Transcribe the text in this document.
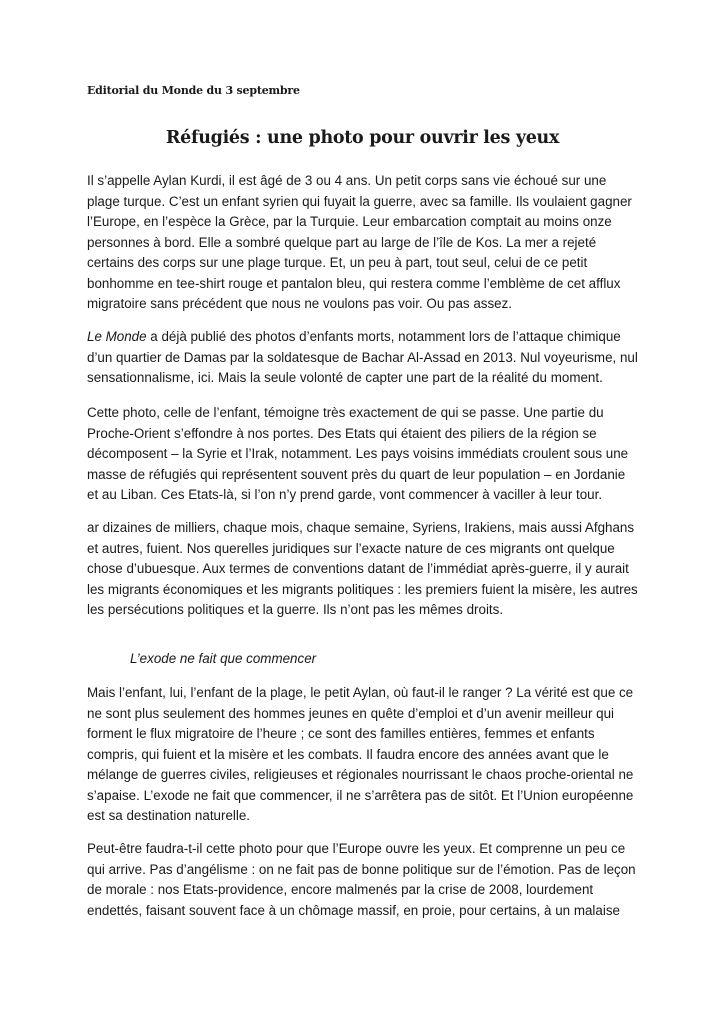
Editorial du Monde du 3 septembre
Réfugiés : une photo pour ouvrir les yeux
Il s’appelle Aylan Kurdi, il est âgé de 3 ou 4 ans. Un petit corps sans vie échoué sur une
plage turque. C’est un enfant syrien qui fuyait la guerre, avec sa famille. Ils voulaient gagner
l’Europe, en l’espèce la Grèce, par la Turquie. Leur embarcation comptait au moins onze
personnes à bord. Elle a sombré quelque part au large de l’île de Kos. La mer a rejeté
certains des corps sur une plage turque. Et, un peu à part, tout seul, celui de ce petit
bonhomme en tee-shirt rouge et pantalon bleu, qui restera comme l’emblème de cet afflux
migratoire sans précédent que nous ne voulons pas voir. Ou pas assez.
Le Monde a déjà publié des photos d’enfants morts, notamment lors de l’attaque chimique
d’un quartier de Damas par la soldatesque de Bachar Al-Assad en 2013. Nul voyeurisme, nul
sensationnalisme, ici. Mais la seule volonté de capter une part de la réalité du moment.
Cette photo, celle de l’enfant, témoigne très exactement de qui se passe. Une partie du
Proche-Orient s’effondre à nos portes. Des Etats qui étaient des piliers de la région se
décomposent – la Syrie et l’Irak, notamment. Les pays voisins immédiats croulent sous une
masse de réfugiés qui représentent souvent près du quart de leur population – en Jordanie
et au Liban. Ces Etats-là, si l’on n’y prend garde, vont commencer à vaciller à leur tour.
ar dizaines de milliers, chaque mois, chaque semaine, Syriens, Irakiens, mais aussi Afghans
et autres, fuient. Nos querelles juridiques sur l’exacte nature de ces migrants ont quelque
chose d’ubuesque. Aux termes de conventions datant de l’immédiat après-guerre, il y aurait
les migrants économiques et les migrants politiques : les premiers fuient la misère, les autres
les persécutions politiques et la guerre. Ils n’ont pas les mêmes droits.
L’exode ne fait que commencer
Mais l’enfant, lui, l’enfant de la plage, le petit Aylan, où faut-il le ranger ? La vérité est que ce
ne sont plus seulement des hommes jeunes en quête d’emploi et d’un avenir meilleur qui
forment le flux migratoire de l’heure ; ce sont des familles entières, femmes et enfants
compris, qui fuient et la misère et les combats. Il faudra encore des années avant que le
mélange de guerres civiles, religieuses et régionales nourrissant le chaos proche-oriental ne
s’apaise. L’exode ne fait que commencer, il ne s’arrêtera pas de sitôt. Et l’Union européenne
est sa destination naturelle.
Peut-être faudra-t-il cette photo pour que l’Europe ouvre les yeux. Et comprenne un peu ce
qui arrive. Pas d’angélisme : on ne fait pas de bonne politique sur de l’émotion. Pas de leçon
de morale : nos Etats-providence, encore malmenés par la crise de 2008, lourdement
endettés, faisant souvent face à un chômage massif, en proie, pour certains, à un malaise
